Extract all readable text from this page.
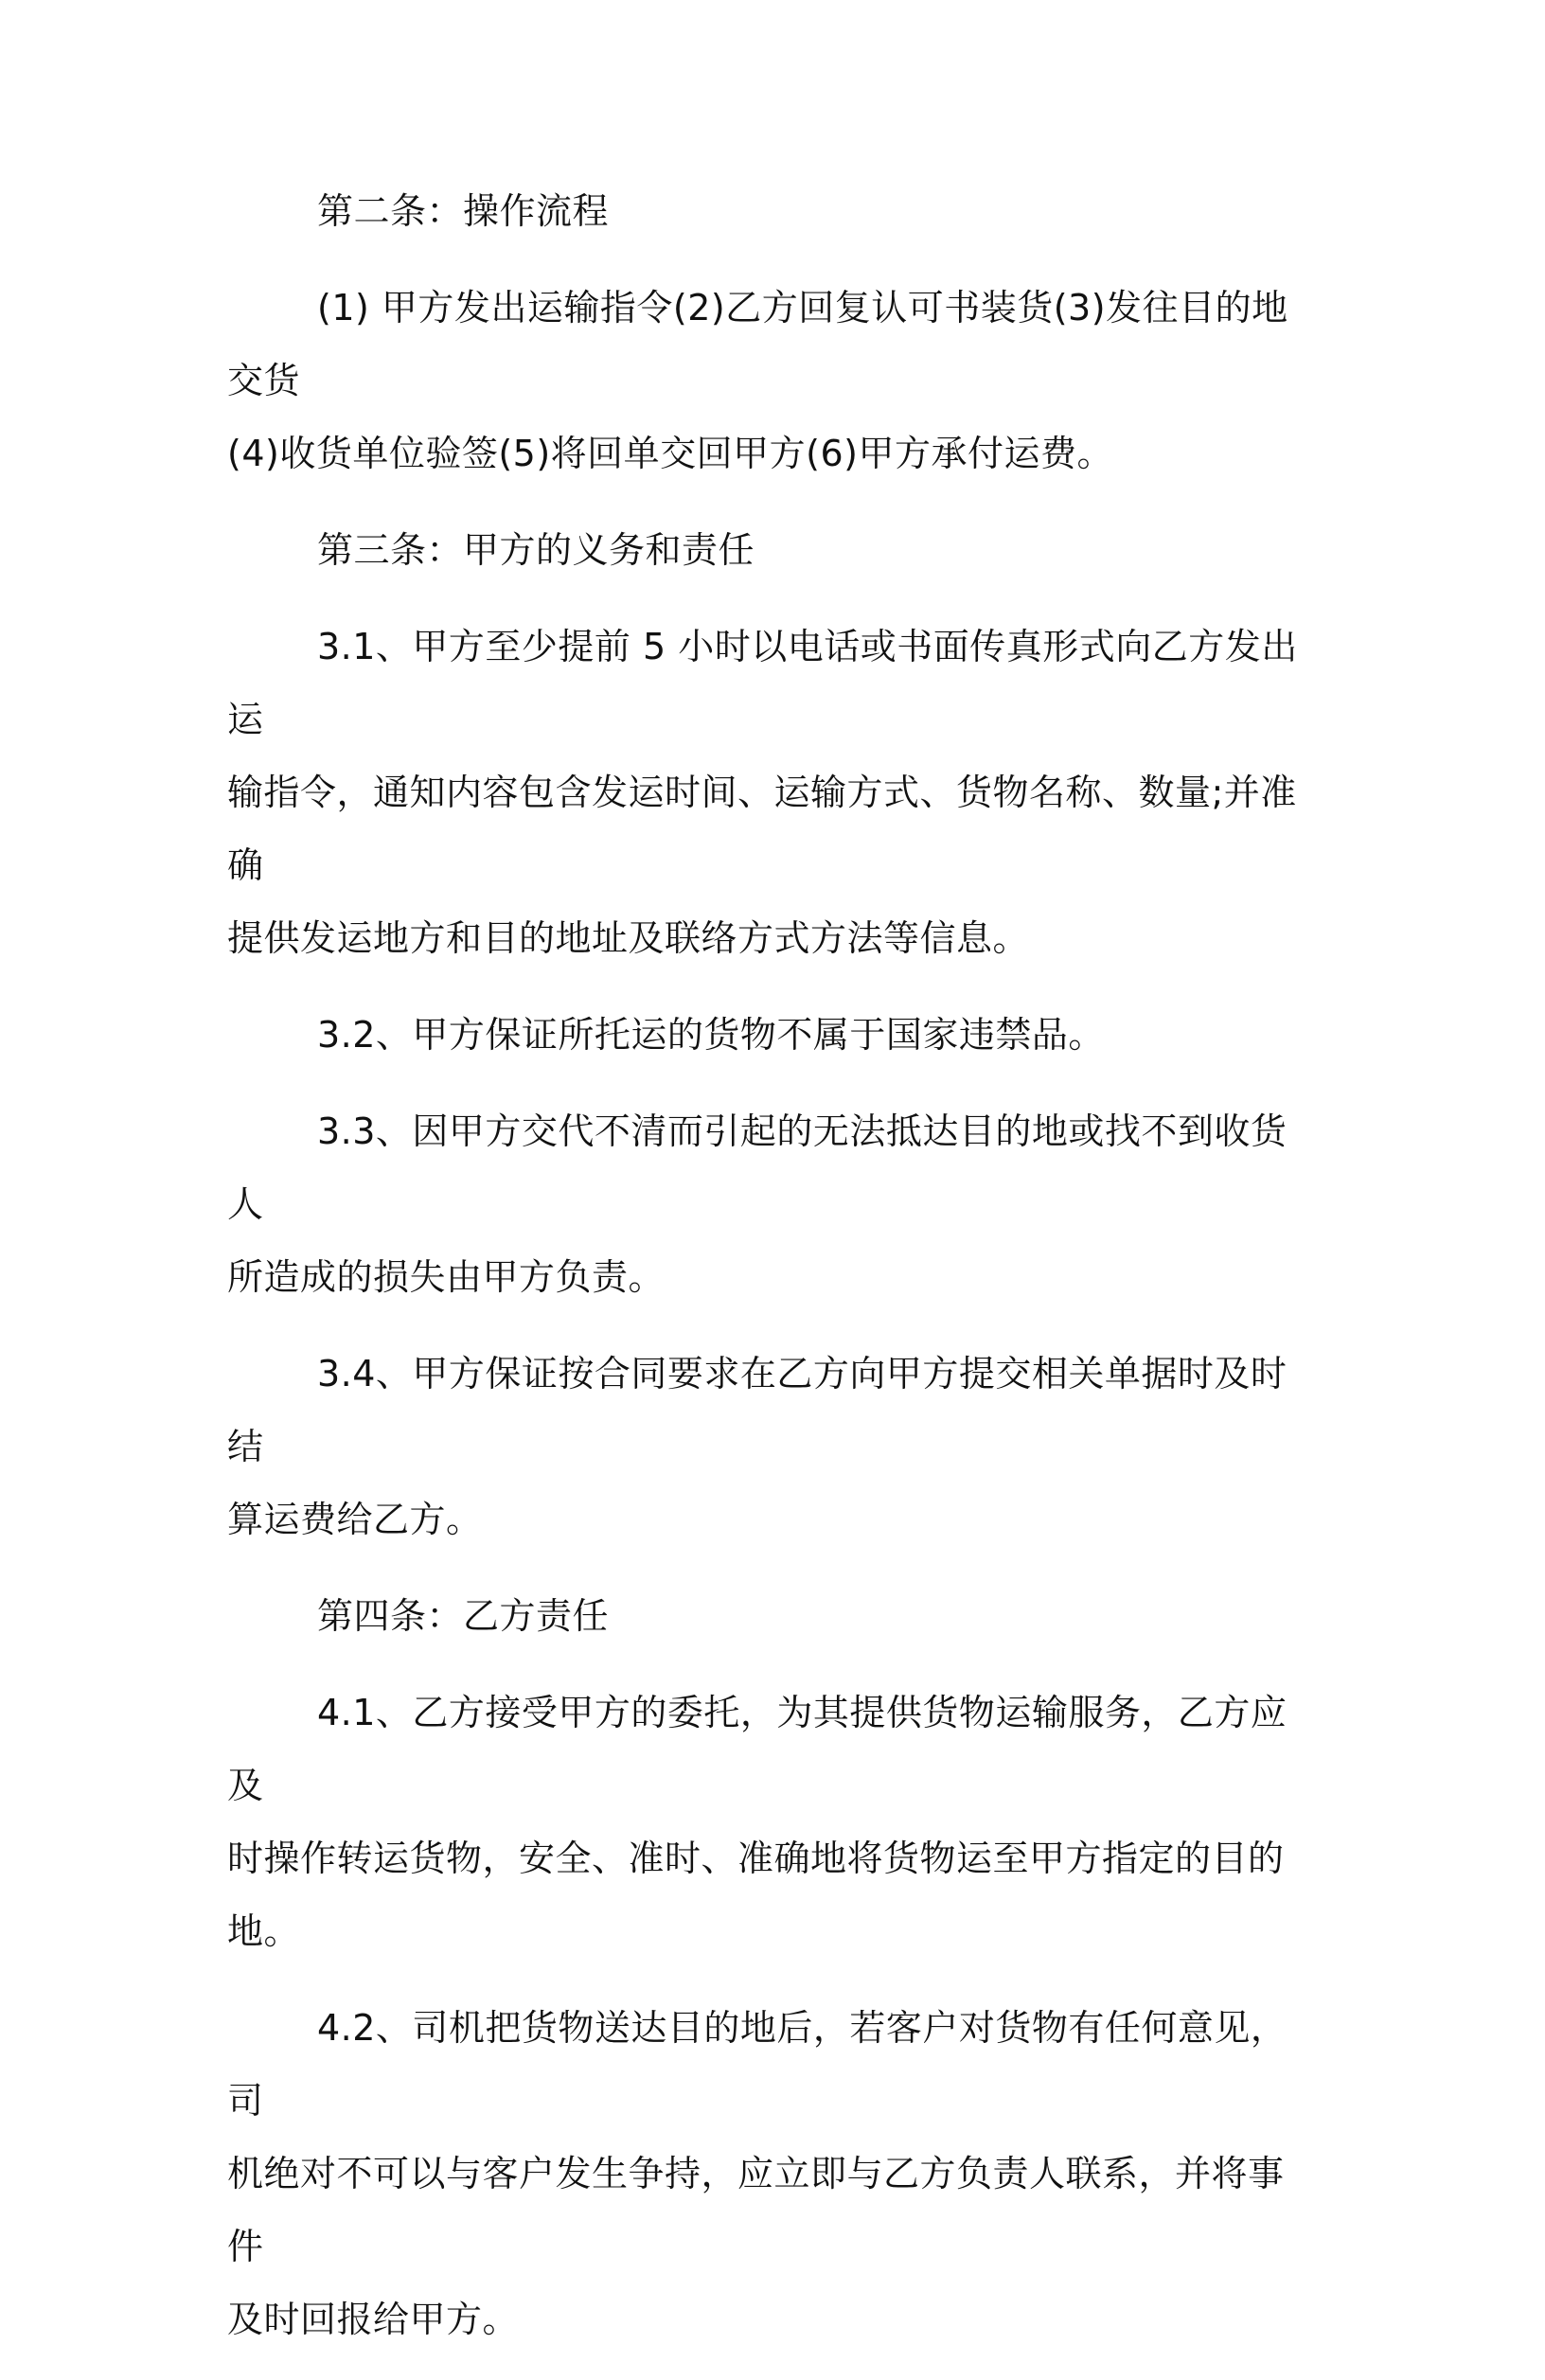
第二条：操作流程

(1) 甲方发出运输指令(2)乙方回复认可书装货(3)发往目的地交货
(4)收货单位验签(5)将回单交回甲方(6)甲方承付运费。

第三条：甲方的义务和责任

3.1、甲方至少提前 5 小时以电话或书面传真形式向乙方发出运
输指令，通知内容包含发运时间、运输方式、货物名称、数量;并准确
提供发运地方和目的地址及联络方式方法等信息。

3.2、甲方保证所托运的货物不属于国家违禁品。

3.3、因甲方交代不清而引起的无法抵达目的地或找不到收货人
所造成的损失由甲方负责。

3.4、甲方保证按合同要求在乙方向甲方提交相关单据时及时结
算运费给乙方。

第四条：乙方责任

4.1、乙方接受甲方的委托，为其提供货物运输服务，乙方应及
时操作转运货物，安全、准时、准确地将货物运至甲方指定的目的地。

4.2、司机把货物送达目的地后，若客户对货物有任何意见，司
机绝对不可以与客户发生争持，应立即与乙方负责人联系，并将事件
及时回报给甲方。
